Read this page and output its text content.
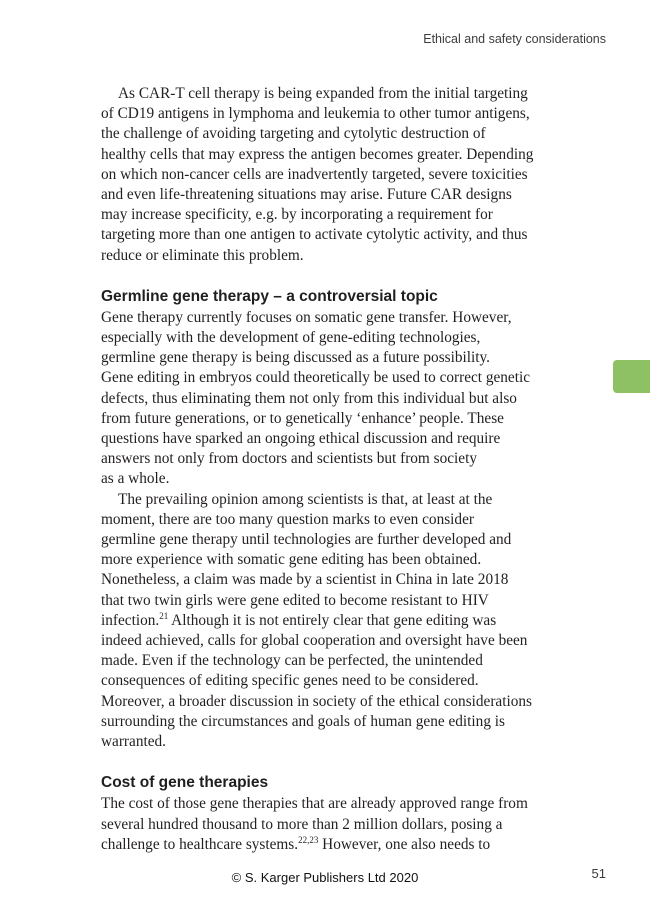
Ethical and safety considerations

As CAR-T cell therapy is being expanded from the initial targeting
of CD19 antigens in lymphoma and leukemia to other tumor antigens,
the challenge of avoiding targeting and cytolytic destruction of
healthy cells that may express the antigen becomes greater. Depending
on which non-cancer cells are inadvertently targeted, severe toxicities
and even life-threatening situations may arise. Future CAR designs
may increase specificity, e.g. by incorporating a requirement for
targeting more than one antigen to activate cytolytic activity, and thus
reduce or eliminate this problem.

Germline gene therapy – a controversial topic

Gene therapy currently focuses on somatic gene transfer. However,
especially with the development of gene-editing technologies,
germline gene therapy is being discussed as a future possibility.
Gene editing in embryos could theoretically be used to correct genetic
defects, thus eliminating them not only from this individual but also
from future generations, or to genetically ‘enhance’ people. These
questions have sparked an ongoing ethical discussion and require
answers not only from doctors and scientists but from society
as a whole.

The prevailing opinion among scientists is that, at least at the
moment, there are too many question marks to even consider
germline gene therapy until technologies are further developed and
more experience with somatic gene editing has been obtained.
Nonetheless, a claim was made by a scientist in China in late 2018
that two twin girls were gene edited to become resistant to HIV
infection.$^{21}$ Although it is not entirely clear that gene editing was
indeed achieved, calls for global cooperation and oversight have been
made. Even if the technology can be perfected, the unintended
consequences of editing specific genes need to be considered.
Moreover, a broader discussion in society of the ethical considerations
surrounding the circumstances and goals of human gene editing is
warranted.

Cost of gene therapies

The cost of those gene therapies that are already approved range from
several hundred thousand to more than 2 million dollars, posing a
challenge to healthcare systems.$^{22,23}$ However, one also needs to

51
© S. Karger Publishers Ltd 2020
